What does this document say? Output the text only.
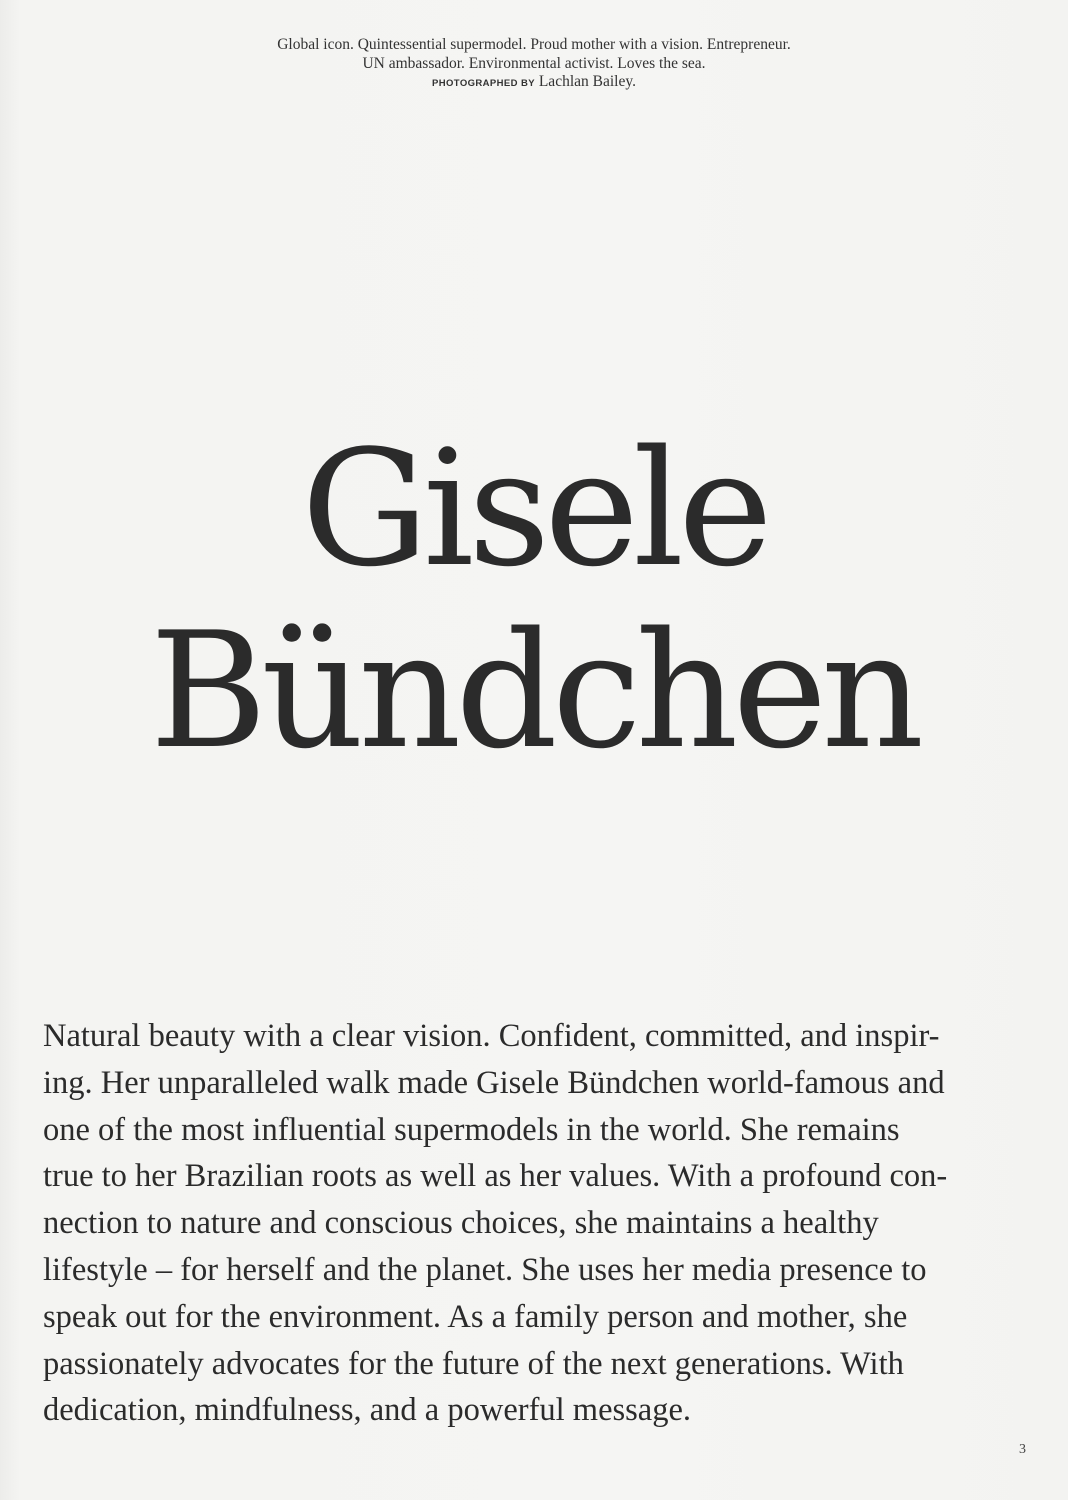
Global icon. Quintessential supermodel. Proud mother with a vision. Entrepreneur.
UN ambassador. Environmental activist. Loves the sea.
PHOTOGRAPHED BY Lachlan Bailey.
Gisele
Bündchen

Natural beauty with a clear vision. Confident, committed, and inspir-
ing. Her unparalleled walk made Gisele Bündchen world-famous and
one of the most influential supermodels in the world. She remains
true to her Brazilian roots as well as her values. With a profound con-
nection to nature and conscious choices, she maintains a healthy
lifestyle – for herself and the planet. She uses her media presence to
speak out for the environment. As a family person and mother, she
passionately advocates for the future of the next generations. With
dedication, mindfulness, and a powerful message.

3
